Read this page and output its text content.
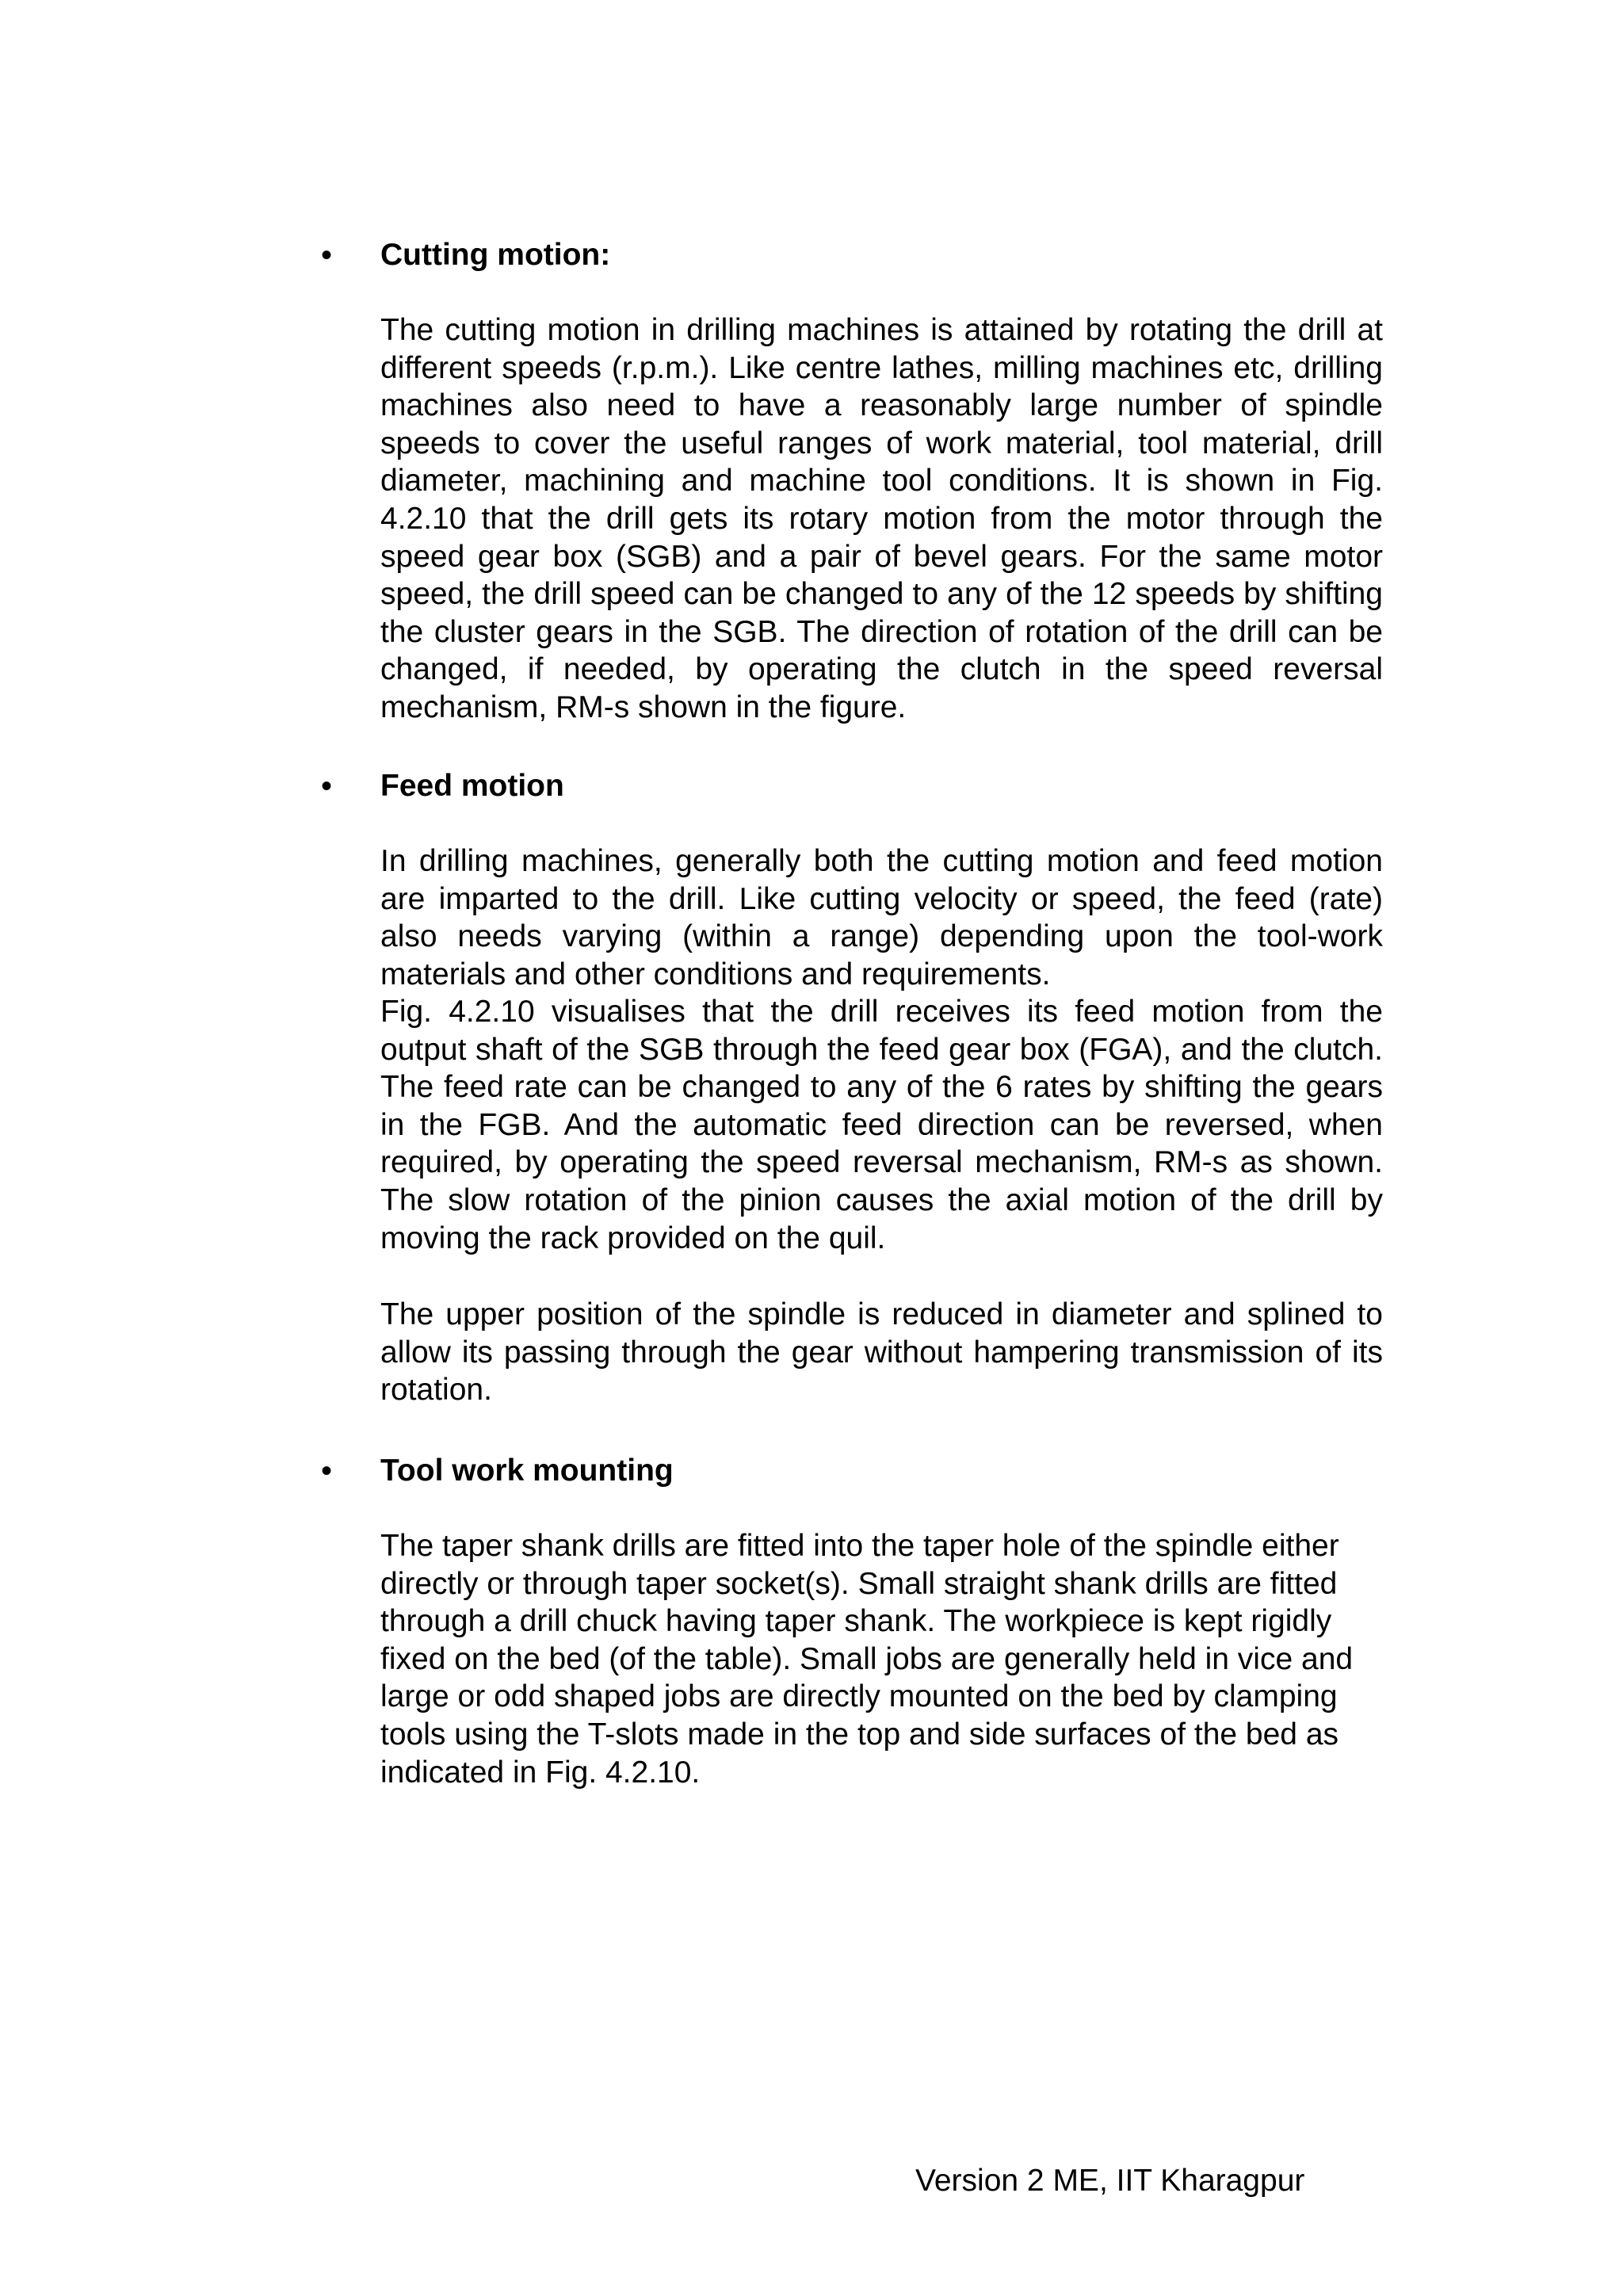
• Cutting motion:

The cutting motion in drilling machines is attained by rotating the drill at different speeds (r.p.m.). Like centre lathes, milling machines etc, drilling machines also need to have a reasonably large number of spindle speeds to cover the useful ranges of work material, tool material, drill diameter, machining and machine tool conditions. It is shown in Fig. 4.2.10 that the drill gets its rotary motion from the motor through the speed gear box (SGB) and a pair of bevel gears. For the same motor speed, the drill speed can be changed to any of the 12 speeds by shifting the cluster gears in the SGB. The direction of rotation of the drill can be changed, if needed, by operating the clutch in the speed reversal mechanism, RM-s shown in the figure.

• Feed motion

In drilling machines, generally both the cutting motion and feed motion are imparted to the drill. Like cutting velocity or speed, the feed (rate) also needs varying (within a range) depending upon the tool-work materials and other conditions and requirements.

Fig. 4.2.10 visualises that the drill receives its feed motion from the output shaft of the SGB through the feed gear box (FGA), and the clutch. The feed rate can be changed to any of the 6 rates by shifting the gears in the FGB. And the automatic feed direction can be reversed, when required, by operating the speed reversal mechanism, RM-s as shown. The slow rotation of the pinion causes the axial motion of the drill by moving the rack provided on the quil.

The upper position of the spindle is reduced in diameter and splined to allow its passing through the gear without hampering transmission of its rotation.

• Tool work mounting

The taper shank drills are fitted into the taper hole of the spindle either directly or through taper socket(s). Small straight shank drills are fitted through a drill chuck having taper shank. The workpiece is kept rigidly fixed on the bed (of the table). Small jobs are generally held in vice and large or odd shaped jobs are directly mounted on the bed by clamping tools using the T-slots made in the top and side surfaces of the bed as indicated in Fig. 4.2.10.

Version 2 ME, IIT Kharagpur
